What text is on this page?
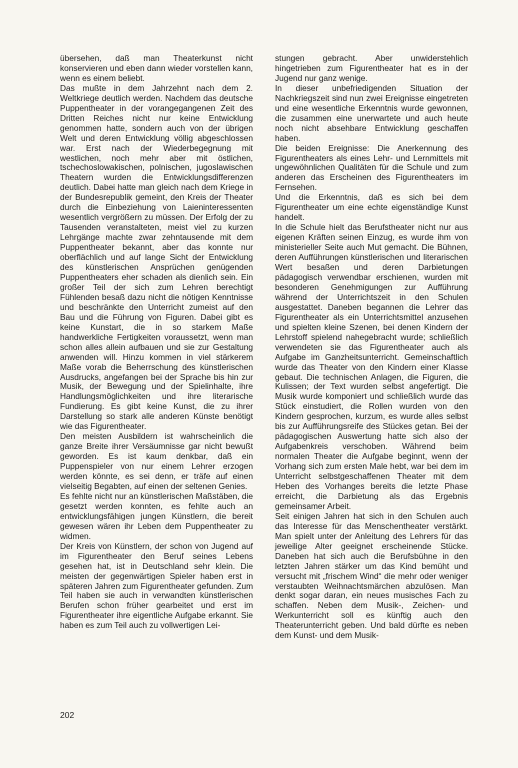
übersehen, daß man Theaterkunst nicht konservieren und eben dann wieder vorstellen kann, wenn es einem beliebt.

Das mußte in dem Jahrzehnt nach dem 2. Weltkriege deutlich werden. Nachdem das deutsche Puppentheater in der vorangegangenen Zeit des Dritten Reiches nicht nur keine Entwicklung genommen hatte, sondern auch von der übrigen Welt und deren Entwicklung völlig abgeschlossen war. Erst nach der Wiederbegegnung mit westlichen, noch mehr aber mit östlichen, tschechoslowakischen, polnischen, jugoslawischen Theatern wurden die Entwicklungsdifferenzen deutlich. Dabei hatte man gleich nach dem Kriege in der Bundesrepublik gemeint, den Kreis der Theater durch die Einbeziehung von Laieninteressenten wesentlich vergrößern zu müssen. Der Erfolg der zu Tausenden veranstalteten, meist viel zu kurzen Lehrgänge machte zwar zehntausende mit dem Puppentheater bekannt, aber das konnte nur oberflächlich und auf lange Sicht der Entwicklung des künstlerischen Ansprüchen genügenden Puppentheaters eher schaden als dienlich sein. Ein großer Teil der sich zum Lehren berechtigt Fühlenden besaß dazu nicht die nötigen Kenntnisse und beschränkte den Unterricht zumeist auf den Bau und die Führung von Figuren. Dabei gibt es keine Kunstart, die in so starkem Maße handwerkliche Fertigkeiten voraussetzt, wenn man schon alles allein aufbauen und sie zur Gestaltung anwenden will. Hinzu kommen in viel stärkerem Maße vorab die Beherrschung des künstlerischen Ausdrucks, angefangen bei der Sprache bis hin zur Musik, der Bewegung und der Spielinhalte, ihre Handlungsmöglichkeiten und ihre literarische Fundierung. Es gibt keine Kunst, die zu ihrer Darstellung so stark alle anderen Künste benötigt wie das Figurentheater.

Den meisten Ausbildern ist wahrscheinlich die ganze Breite ihrer Versäumnisse gar nicht bewußt geworden. Es ist kaum denkbar, daß ein Puppenspieler von nur einem Lehrer erzogen werden könnte, es sei denn, er träfe auf einen vielseitig Begabten, auf einen der seltenen Genies.

Es fehlte nicht nur an künstlerischen Maßstäben, die gesetzt werden konnten, es fehlte auch an entwicklungsfähigen jungen Künstlern, die bereit gewesen wären ihr Leben dem Puppentheater zu widmen.

Der Kreis von Künstlern, der schon von Jugend auf im Figurentheater den Beruf seines Lebens gesehen hat, ist in Deutschland sehr klein. Die meisten der gegenwärtigen Spieler haben erst in späteren Jahren zum Figurentheater gefunden. Zum Teil haben sie auch in verwandten künstlerischen Berufen schon früher gearbeitet und erst im Figurentheater ihre eigentliche Aufgabe erkannt. Sie haben es zum Teil auch zu vollwertigen Lei-

stungen gebracht. Aber unwiderstehlich hingetrieben zum Figurentheater hat es in der Jugend nur ganz wenige.

In dieser unbefriedigenden Situation der Nachkriegszeit sind nun zwei Ereignisse eingetreten und eine wesentliche Erkenntnis wurde gewonnen, die zusammen eine unerwartete und auch heute noch nicht absehbare Entwicklung geschaffen haben.

Die beiden Ereignisse: Die Anerkennung des Figurentheaters als eines Lehr- und Lernmittels mit ungewöhnlichen Qualitäten für die Schule und zum anderen das Erscheinen des Figurentheaters im Fernsehen.

Und die Erkenntnis, daß es sich bei dem Figurentheater um eine echte eigenständige Kunst handelt.

In die Schule hielt das Berufstheater nicht nur aus eigenen Kräften seinen Einzug, es wurde ihm von ministerieller Seite auch Mut gemacht. Die Bühnen, deren Aufführungen künstlerischen und literarischen Wert besaßen und deren Darbietungen pädagogisch verwendbar erschienen, wurden mit besonderen Genehmigungen zur Aufführung während der Unterrichtszeit in den Schulen ausgestattet. Daneben begannen die Lehrer das Figurentheater als ein Unterrichtsmittel anzusehen und spielten kleine Szenen, bei denen Kindern der Lehrstoff spielend nahegebracht wurde; schließlich verwendeten sie das Figurentheater auch als Aufgabe im Ganzheitsunterricht. Gemeinschaftlich wurde das Theater von den Kindern einer Klasse gebaut. Die technischen Anlagen, die Figuren, die Kulissen; der Text wurden selbst angefertigt. Die Musik wurde komponiert und schließlich wurde das Stück einstudiert, die Rollen wurden von den Kindern gesprochen, kurzum, es wurde alles selbst bis zur Aufführungsreife des Stückes getan. Bei der pädagogischen Auswertung hatte sich also der Aufgabenkreis verschoben. Während beim normalen Theater die Aufgabe beginnt, wenn der Vorhang sich zum ersten Male hebt, war bei dem im Unterricht selbstgeschaffenen Theater mit dem Heben des Vorhanges bereits die letzte Phase erreicht, die Darbietung als das Ergebnis gemeinsamer Arbeit.

Seit einigen Jahren hat sich in den Schulen auch das Interesse für das Menschentheater verstärkt. Man spielt unter der Anleitung des Lehrers für das jeweilige Alter geeignet erscheinende Stücke. Daneben hat sich auch die Berufsbühne in den letzten Jahren stärker um das Kind bemüht und versucht mit „frischem Wind“ die mehr oder weniger verstaubten Weihnachtsmärchen abzulösen. Man denkt sogar daran, ein neues musisches Fach zu schaffen. Neben dem Musik-, Zeichen- und Werkunterricht soll es künftig auch den Theaterunterricht geben. Und bald dürfte es neben dem Kunst- und dem Musik-

202
